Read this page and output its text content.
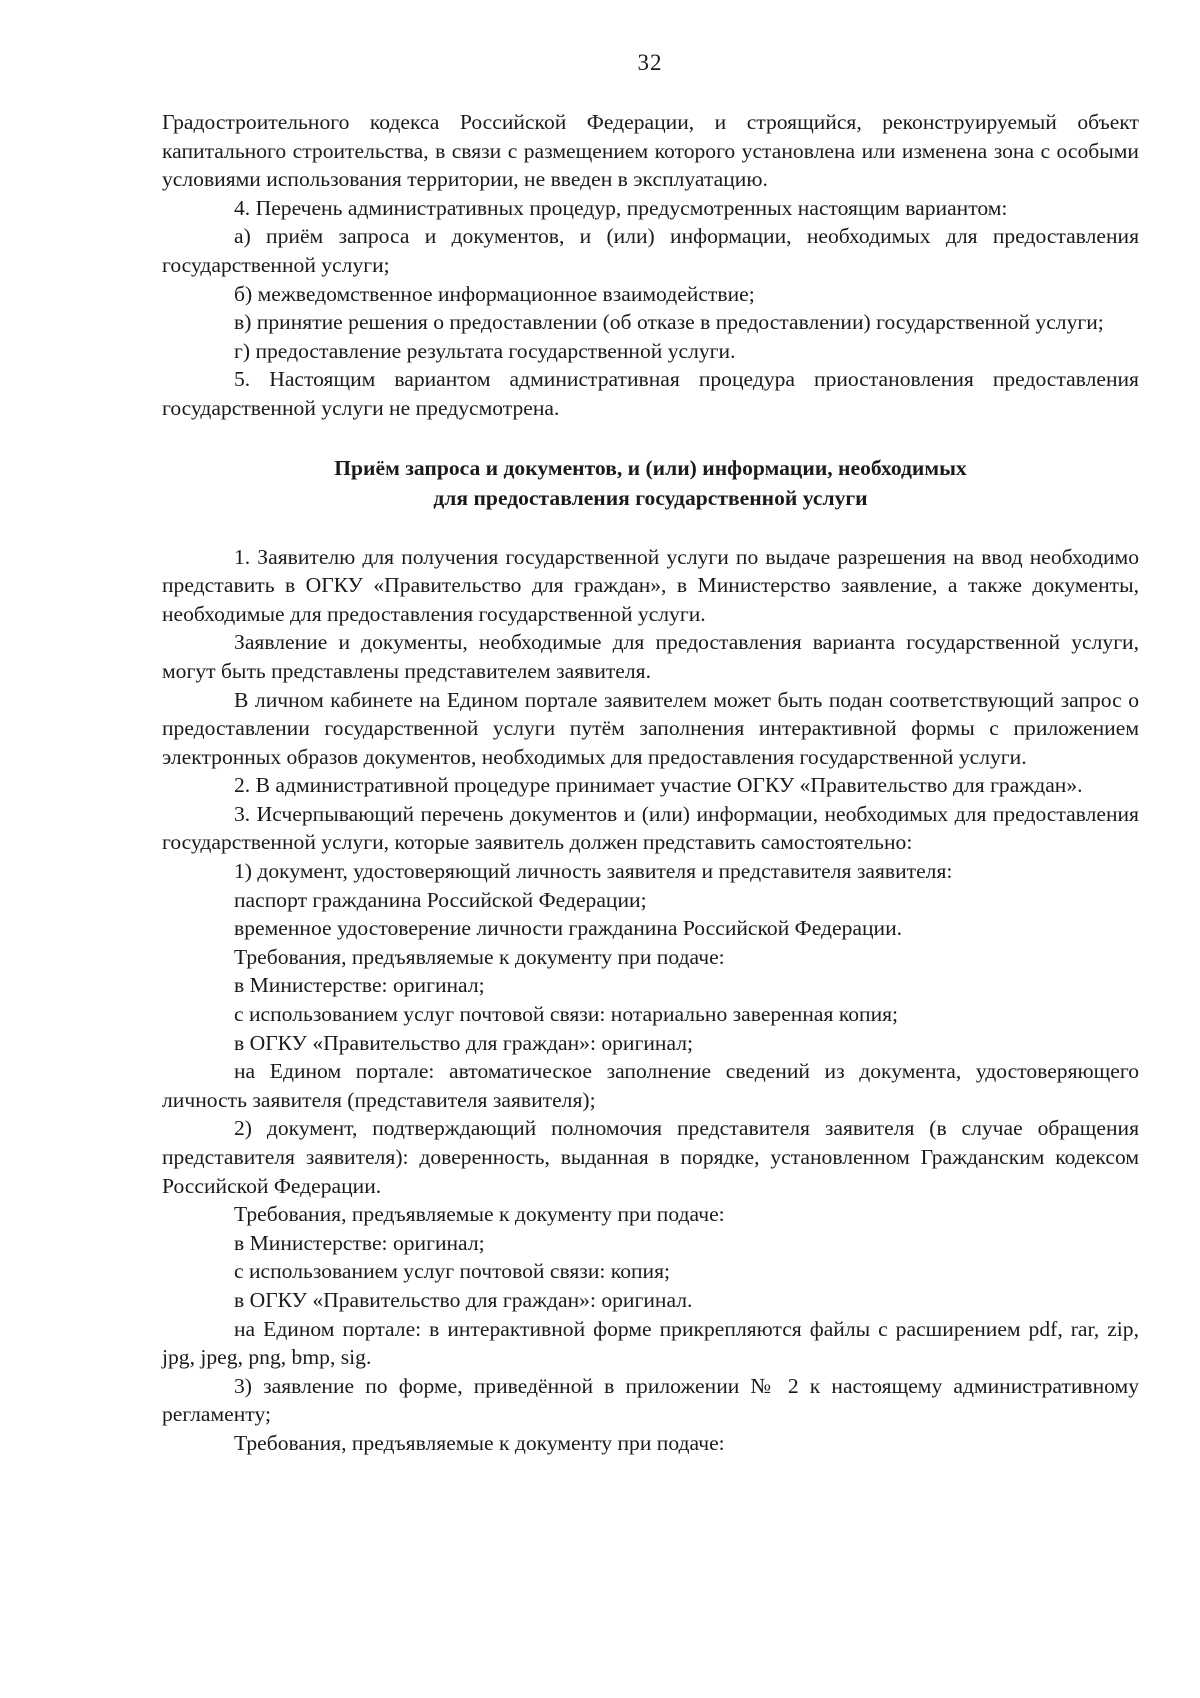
32

Градостроительного кодекса Российской Федерации, и строящийся, реконструируемый объект капитального строительства, в связи с размещением которого установлена или изменена зона с особыми условиями использования территории, не введен в эксплуатацию.

4. Перечень административных процедур, предусмотренных настоящим вариантом:

а) приём запроса и документов, и (или) информации, необходимых для предоставления государственной услуги;

б) межведомственное информационное взаимодействие;

в) принятие решения о предоставлении (об отказе в предоставлении) государственной услуги;

г) предоставление результата государственной услуги.

5. Настоящим вариантом административная процедура приостановления предоставления государственной услуги не предусмотрена.

Приём запроса и документов, и (или) информации, необходимых
для предоставления государственной услуги

1. Заявителю для получения государственной услуги по выдаче разрешения на ввод необходимо представить в ОГКУ «Правительство для граждан», в Министерство заявление, а также документы, необходимые для предоставления государственной услуги.

Заявление и документы, необходимые для предоставления варианта государственной услуги, могут быть представлены представителем заявителя.

В личном кабинете на Едином портале заявителем может быть подан соответствующий запрос о предоставлении государственной услуги путём заполнения интерактивной формы с приложением электронных образов документов, необходимых для предоставления государственной услуги.

2. В административной процедуре принимает участие ОГКУ «Правительство для граждан».

3. Исчерпывающий перечень документов и (или) информации, необходимых для предоставления государственной услуги, которые заявитель должен представить самостоятельно:

1) документ, удостоверяющий личность заявителя и представителя заявителя:

паспорт гражданина Российской Федерации;

временное удостоверение личности гражданина Российской Федерации.

Требования, предъявляемые к документу при подаче:

в Министерстве: оригинал;

с использованием услуг почтовой связи: нотариально заверенная копия;

в ОГКУ «Правительство для граждан»: оригинал;

на Едином портале: автоматическое заполнение сведений из документа, удостоверяющего личность заявителя (представителя заявителя);

2) документ, подтверждающий полномочия представителя заявителя (в случае обращения представителя заявителя): доверенность, выданная в порядке, установленном Гражданским кодексом Российской Федерации.

Требования, предъявляемые к документу при подаче:

в Министерстве: оригинал;

с использованием услуг почтовой связи: копия;

в ОГКУ «Правительство для граждан»: оригинал.

на Едином портале: в интерактивной форме прикрепляются файлы с расширением pdf, rar, zip, jpg, jpeg, png, bmp, sig.

3) заявление по форме, приведённой в приложении № 2 к настоящему административному регламенту;

Требования, предъявляемые к документу при подаче:
